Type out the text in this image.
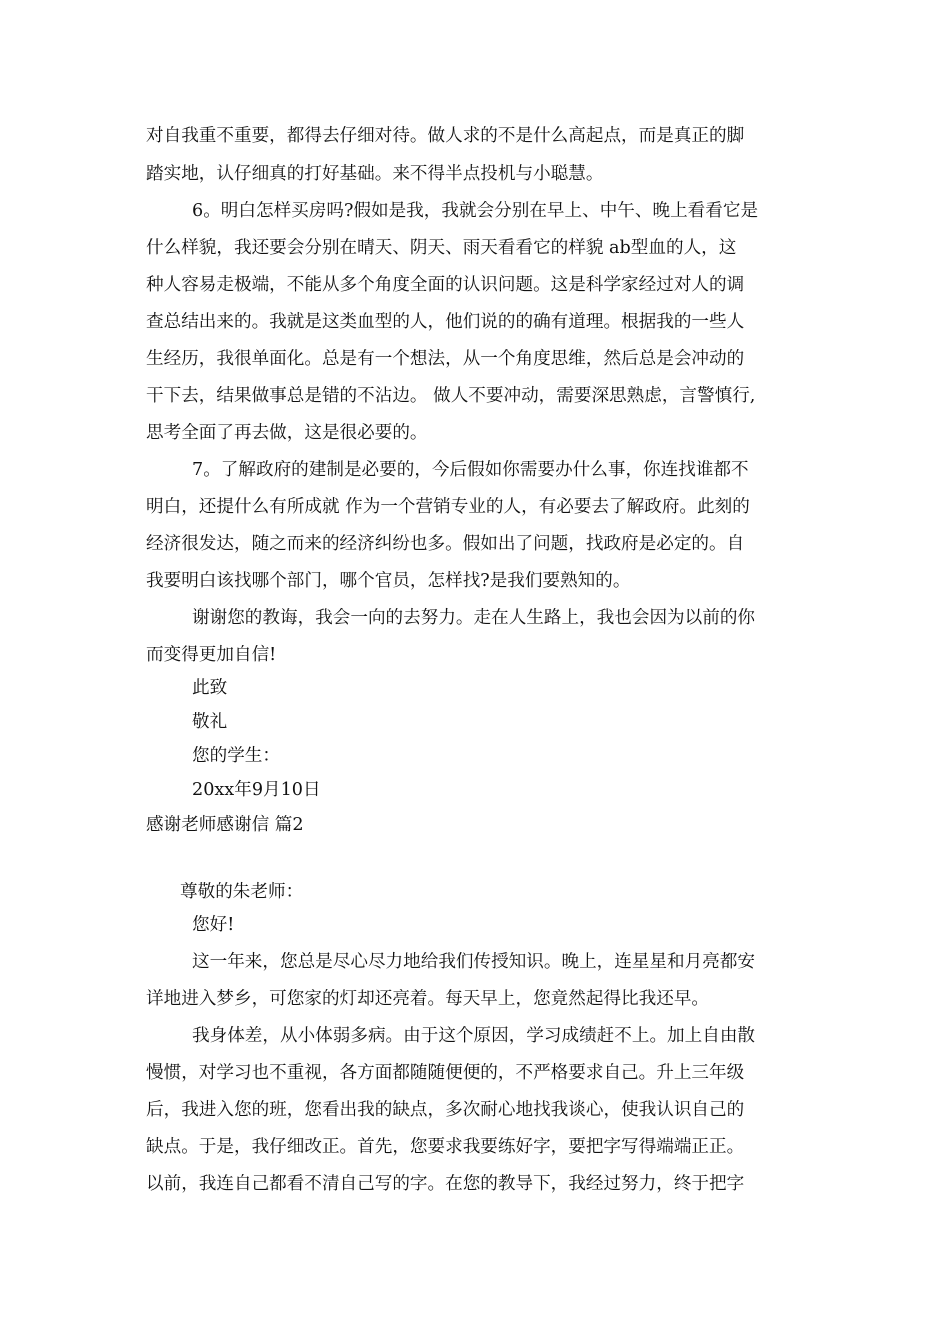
对自我重不重要，都得去仔细对待。做人求的不是什么高起点，而是真正的脚
踏实地，认仔细真的打好基础。来不得半点投机与小聪慧。
6。明白怎样买房吗?假如是我，我就会分别在早上、中午、晚上看看它是
什么样貌，我还要会分别在晴天、阴天、雨天看看它的样貌 ab型血的人，这
种人容易走极端，不能从多个角度全面的认识问题。这是科学家经过对人的调
查总结出来的。我就是这类血型的人，他们说的的确有道理。根据我的一些人
生经历，我很单面化。总是有一个想法，从一个角度思维，然后总是会冲动的
干下去，结果做事总是错的不沾边。 做人不要冲动，需要深思熟虑，言警慎行,
思考全面了再去做，这是很必要的。
7。了解政府的建制是必要的，今后假如你需要办什么事，你连找谁都不
明白，还提什么有所成就 作为一个营销专业的人，有必要去了解政府。此刻的
经济很发达，随之而来的经济纠纷也多。假如出了问题，找政府是必定的。自
我要明白该找哪个部门，哪个官员，怎样找?是我们要熟知的。
谢谢您的教诲，我会一向的去努力。走在人生路上，我也会因为以前的你
而变得更加自信!
此致
敬礼
您的学生：
20xx年9月10日
感谢老师感谢信 篇2
尊敬的朱老师：
您好!
这一年来，您总是尽心尽力地给我们传授知识。晚上，连星星和月亮都安
详地进入梦乡，可您家的灯却还亮着。每天早上，您竟然起得比我还早。
我身体差，从小体弱多病。由于这个原因，学习成绩赶不上。加上自由散
慢惯，对学习也不重视，各方面都随随便便的，不严格要求自己。升上三年级
后，我进入您的班，您看出我的缺点，多次耐心地找我谈心，使我认识自己的
缺点。于是，我仔细改正。首先，您要求我要练好字，要把字写得端端正正。
以前，我连自己都看不清自己写的字。在您的教导下，我经过努力，终于把字
